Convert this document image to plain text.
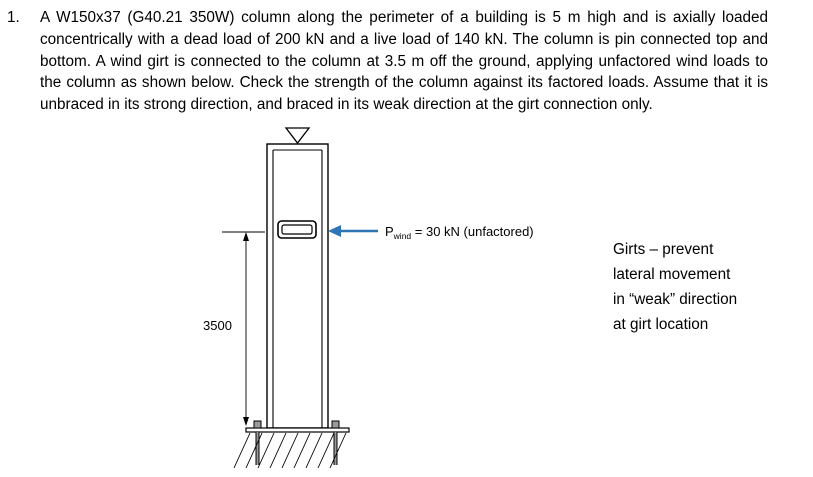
1. A W150x37 (G40.21 350W) column along the perimeter of a building is 5 m high and is axially loaded concentrically with a dead load of 200 kN and a live load of 140 kN. The column is pin connected top and bottom. A wind girt is connected to the column at 3.5 m off the ground, applying unfactored wind loads to the column as shown below. Check the strength of the column against its factored loads. Assume that it is unbraced in its strong direction, and braced in its weak direction at the girt connection only.
$P_{wind} = 30$ kN (unfactored)
3500
Girts – prevent
lateral movement
in “weak” direction
at girt location
